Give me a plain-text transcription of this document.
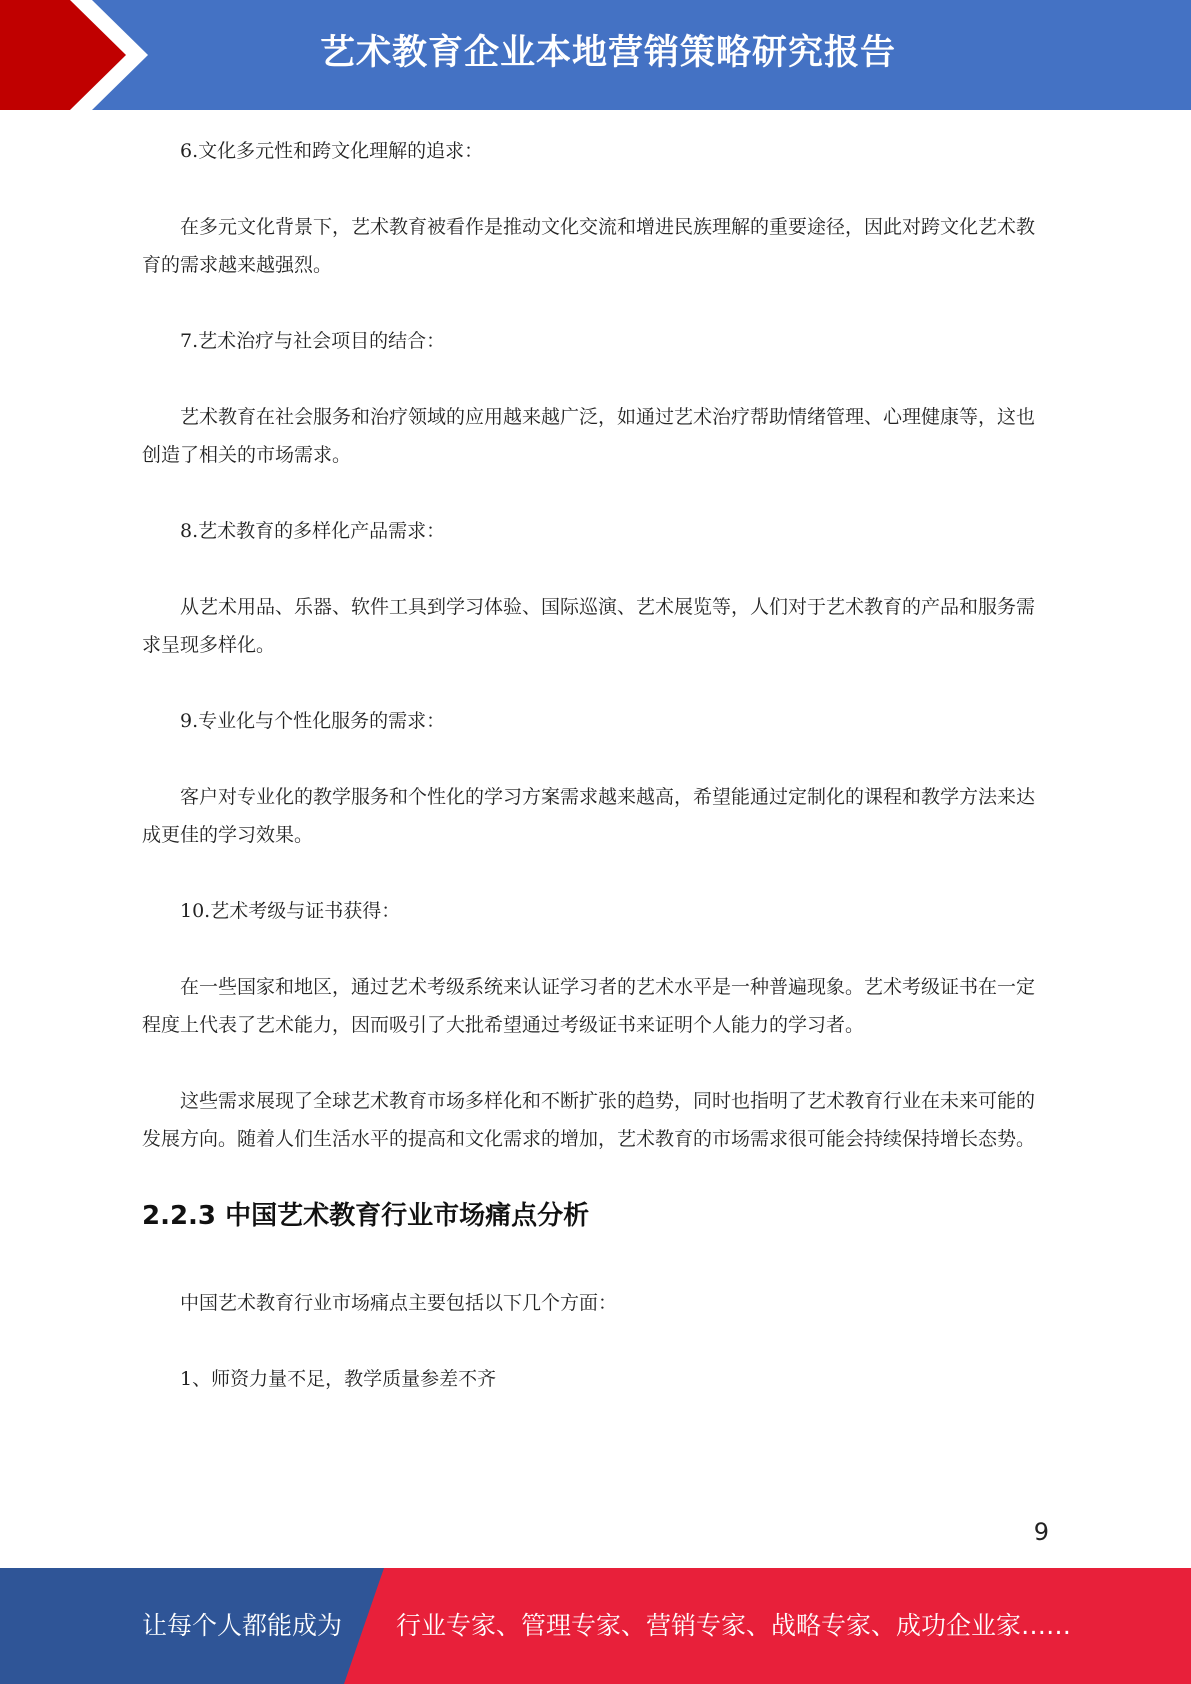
艺术教育企业本地营销策略研究报告

6.文化多元性和跨文化理解的追求：

在多元文化背景下，艺术教育被看作是推动文化交流和增进民族理解的重要途径，因此对跨文化艺术教育的需求越来越强烈。

7.艺术治疗与社会项目的结合：

艺术教育在社会服务和治疗领域的应用越来越广泛，如通过艺术治疗帮助情绪管理、心理健康等，这也创造了相关的市场需求。

8.艺术教育的多样化产品需求：

从艺术用品、乐器、软件工具到学习体验、国际巡演、艺术展览等，人们对于艺术教育的产品和服务需求呈现多样化。

9.专业化与个性化服务的需求：

客户对专业化的教学服务和个性化的学习方案需求越来越高，希望能通过定制化的课程和教学方法来达成更佳的学习效果。

10.艺术考级与证书获得：

在一些国家和地区，通过艺术考级系统来认证学习者的艺术水平是一种普遍现象。艺术考级证书在一定程度上代表了艺术能力，因而吸引了大批希望通过考级证书来证明个人能力的学习者。

这些需求展现了全球艺术教育市场多样化和不断扩张的趋势，同时也指明了艺术教育行业在未来可能的发展方向。随着人们生活水平的提高和文化需求的增加，艺术教育的市场需求很可能会持续保持增长态势。

2.2.3 中国艺术教育行业市场痛点分析

中国艺术教育行业市场痛点主要包括以下几个方面：

1、师资力量不足，教学质量参差不齐

9
让每个人都能成为 行业专家、管理专家、营销专家、战略专家、成功企业家……
